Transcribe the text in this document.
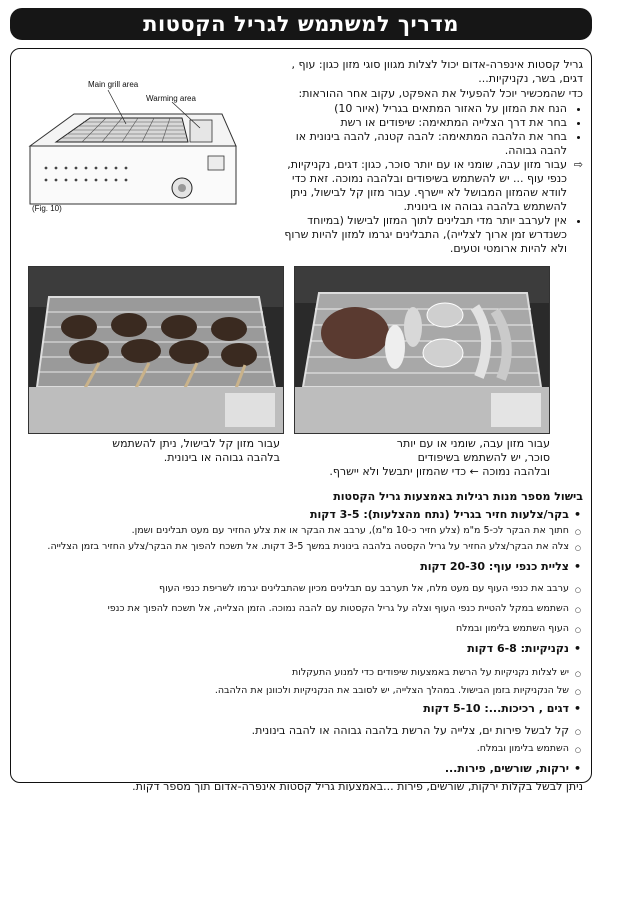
מדריך למשתמש לגריל הקסטות
Main grill area
Warming area
(Fig. 10)

גריל קסטות אינפרה-אדום יכול לצלות מגוון סוגי מזון כגון: עוף , דגים, בשר, נקניקיות...

כדי שהמכשיר יוכל להפעיל את האפקט, עקוב אחר ההוראות:

• הנח את המזון על האזור המתאים בגריל (איור 10)
• בחר את דרך הצלייה המתאימה: שיפודים או רשת
• בחר את הלהבה המתאימה: להבה קטנה, להבה בינונית או להבה גבוהה.

⇨ עבור מזון עבה, שומני או עם יותר סוכר, כגון: דגים, נקניקיות, כנפי עוף ... יש להשתמש בשיפודים ובלהבה נמוכה. זאת כדי לוודא שהמזון המבושל לא יישרף. עבור מזון קל לבישול, ניתן להשתמש בלהבה גבוהה או בינונית.

• אין לערבב יותר מדי תבלינים לתוך המזון לבישול (במיוחד כשנדרש זמן ארוך לצלייה), התבלינים יגרמו למזון להיות שרוף ולא להיות ארומטי וטעים.
עבור מזון קל לבישול, ניתן להשתמש בלהבה גבוהה או בינונית.
עבור מזון עבה, שומני או עם יותר
סוכר, יש להשתמש בשיפודים
ובלהבה נמוכה ← כדי שהמזון יתבשל ולא יישרף.
בישול מספר מנות רגילות באמצעות גריל הקסטות
• בקר/צלעות חזיר בגריל (נתח מהצלעות): 3-5 דקות
○ חתוך את הבקר לכ-5 מ"מ (צלע חזיר כ-10 מ"מ), ערבב את הבקר או את צלע החזיר עם מעט תבלינים ושמן.
○ צלה את הבקר/צלע החזיר על גריל הקסטה בלהבה בינונית במשך 3-5 דקות. אל תשכח להפוך את הבקר/צלע החזיר בזמן הצלייה.
• צליית כנפי עוף: 20-30 דקות
○ ערבב את כנפי העוף עם מעט מלח, אל תערבב עם תבלינים מכיון שהתבלינים יגרמו לשריפת כנפי העוף
○ השתמש במקל להטיית כנפי העוף וצלה על גריל הקסטות עם להבה נמוכה. הזמן הצלייה, אל תשכח להפוך את כנפי
○ העוף השתמש בלימון ובמלח
• נקניקיות: 6-8 דקות
○ יש לצלות נקניקיות על הרשת באמצעות שיפודים כדי למנוע התעקלות
○ של הנקניקיות בזמן הבישול. במהלך הצלייה, יש לסובב את הנקניקיות ולכוונן את הלהבה.
• דגים , רכיכות...: 5-10 דקות
○ קל לבשל פירות ים, צלייה על הרשת בלהבה גבוהה או להבה בינונית.
○ השתמש בלימון ובמלח.
• ירקות, שורשים, פירות...
ניתן לבשל בקלות ירקות, שורשים, פירות ...באמצעות גריל קסטות אינפרה-אדום תוך מספר דקות.
